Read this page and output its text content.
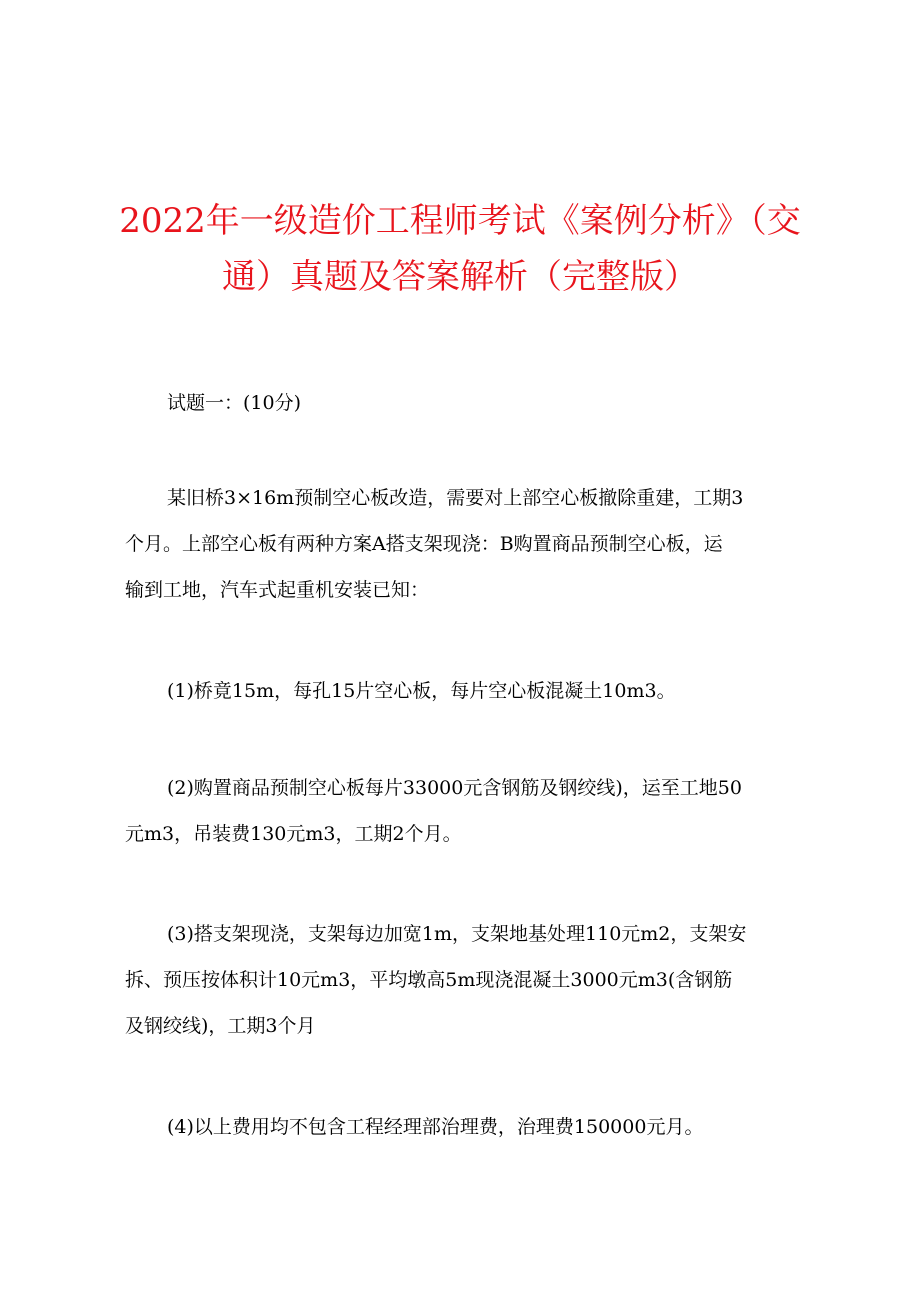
2022年一级造价工程师考试《案例分析》（交
通）真题及答案解析（完整版）

试题一：(10分)

某旧桥3×16m预制空心板改造，需要对上部空心板撤除重建，工期3
个月。上部空心板有两种方案A搭支架现浇：B购置商品预制空心板，运
输到工地，汽车式起重机安装已知：

(1)桥竟15m，每孔15片空心板，每片空心板混凝土10m3。

(2)购置商品预制空心板每片33000元含钢筋及钢绞线)，运至工地50
元m3，吊装费130元m3，工期2个月。

(3)搭支架现浇，支架每边加宽1m，支架地基处理110元m2，支架安
拆、预压按体积计10元m3，平均墩高5m现浇混凝土3000元m3(含钢筋
及钢绞线)，工期3个月

(4)以上费用均不包含工程经理部治理费，治理费150000元月。
